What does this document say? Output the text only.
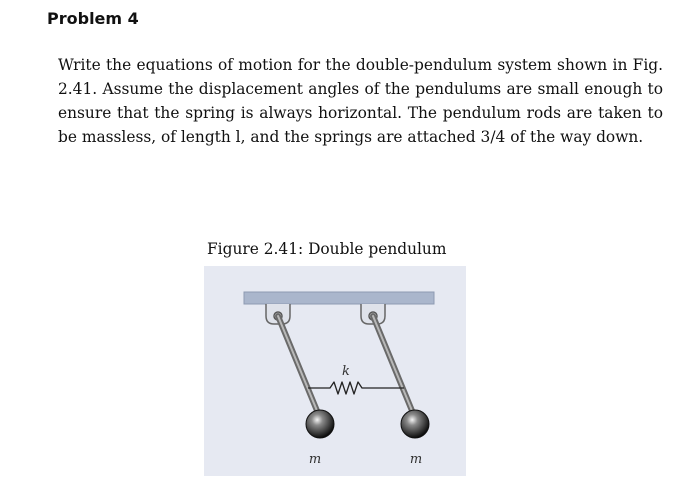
Problem 4
Write the equations of motion for the double-pendulum system shown in Fig. 2.41. Assume the displacement angles of the pendulums are small enough to ensure that the spring is always horizontal. The pendulum rods are taken to be massless, of length l, and the springs are attached 3/4 of the way down.
Figure 2.41: Double pendulum
k
m	m
